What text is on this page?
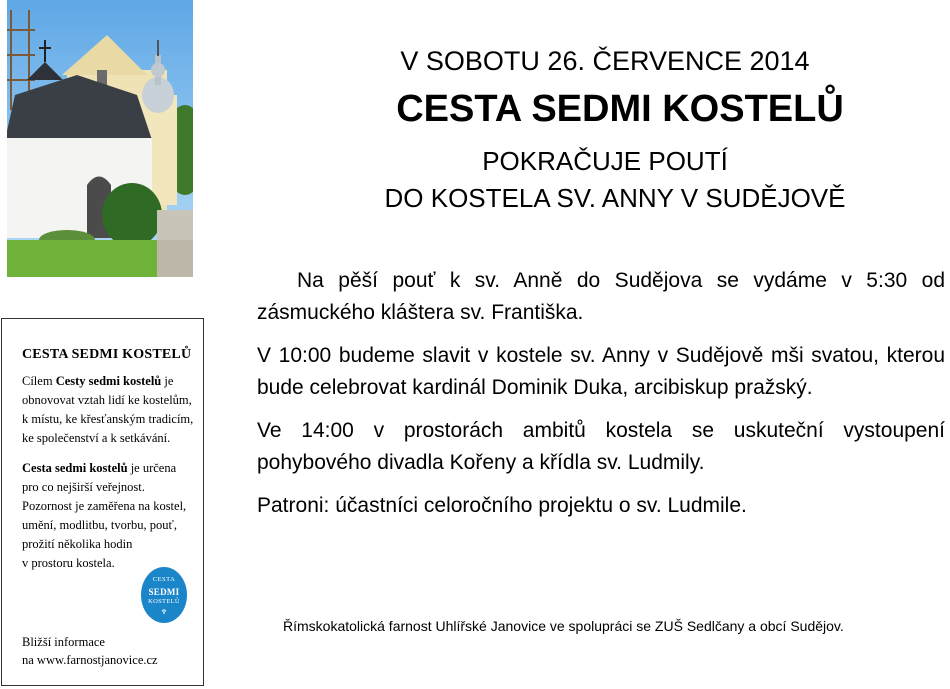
CESTA SEDMI KOSTELŮ

Cílem Cesty sedmi kostelů je obnovovat vztah lidí ke kostelům, k místu, ke křesťanským tradicím, ke společenství a k setkávání.

Cesta sedmi kostelů je určena
pro co nejširší veřejnost.
Pozornost je zaměřena na kostel,
umění, modlitbu, tvorbu, pouť,
prožití několika hodin
v prostoru kostela.

CESTA
SEDMI
KOSTELŮ
♆
Bližší informace
na www.farnostjanovice.cz
V SOBOTU 26. ČERVENCE 2014
CESTA SEDMI KOSTELŮ
POKRAČUJE POUTÍ
DO KOSTELA SV. ANNY V SUDĚJOVĚ

Na pěší pouť k sv. Anně do Sudějova se vydáme v 5:30 od zásmuckého kláštera sv. Františka.

V 10:00 budeme slavit v kostele sv. Anny v Sudějově mši svatou, kterou bude celebrovat kardinál Dominik Duka, arcibiskup pražský.

Ve 14:00 v prostorách ambitů kostela se uskuteční vystoupení pohybového divadla Kořeny a křídla sv. Ludmily.

Patroni: účastníci celoročního projektu o sv. Ludmile.

Římskokatolická farnost Uhlířské Janovice ve spolupráci se ZUŠ Sedlčany a obcí Sudějov.
